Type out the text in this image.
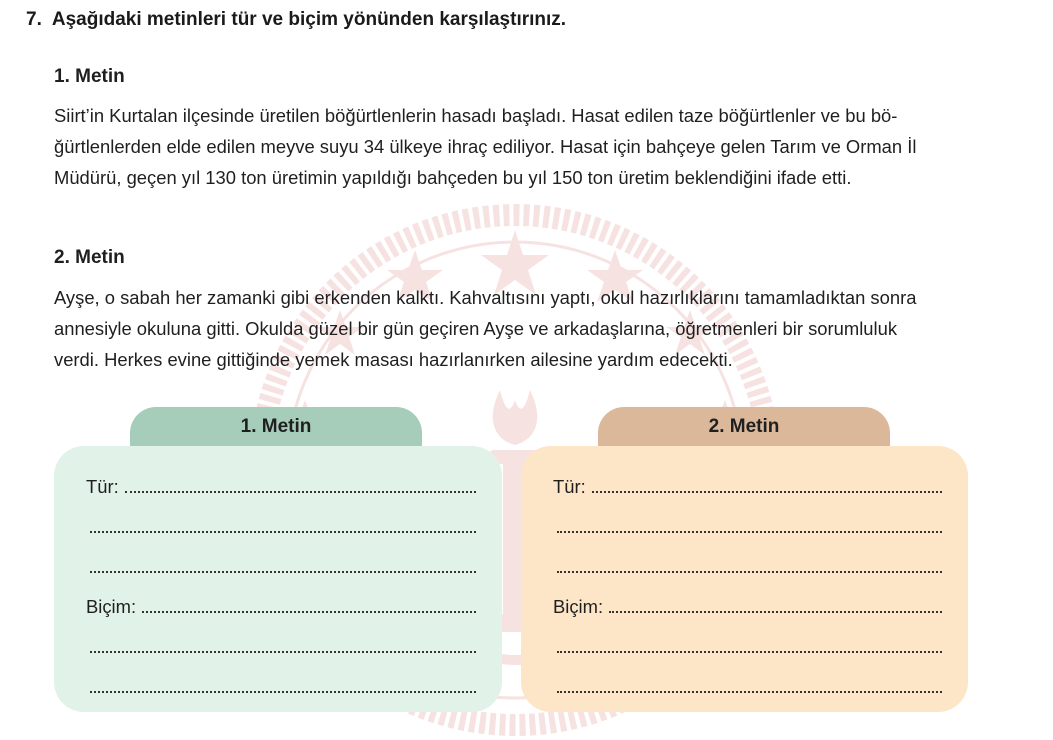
7. Aşağıdaki metinleri tür ve biçim yönünden karşılaştırınız.
1. Metin

Siirt’in Kurtalan ilçesinde üretilen böğürtlenlerin hasadı başladı. Hasat edilen taze böğürtlenler ve bu bö-
ğürtlenlerden elde edilen meyve suyu 34 ülkeye ihraç ediliyor. Hasat için bahçeye gelen Tarım ve Orman İl
Müdürü, geçen yıl 130 ton üretimin yapıldığı bahçeden bu yıl 150 ton üretim beklendiğini ifade etti.

2. Metin

Ayşe, o sabah her zamanki gibi erkenden kalktı. Kahvaltısını yaptı, okul hazırlıklarını tamamladıktan sonra
annesiyle okuluna gitti. Okulda güzel bir gün geçiren Ayşe ve arkadaşlarına, öğretmenleri bir sorumluluk
verdi. Herkes evine gittiğinde yemek masası hazırlanırken ailesine yardım edecekti.

1. Metin	2. Metin
Tür:
Biçim:
Tür:
Biçim:
